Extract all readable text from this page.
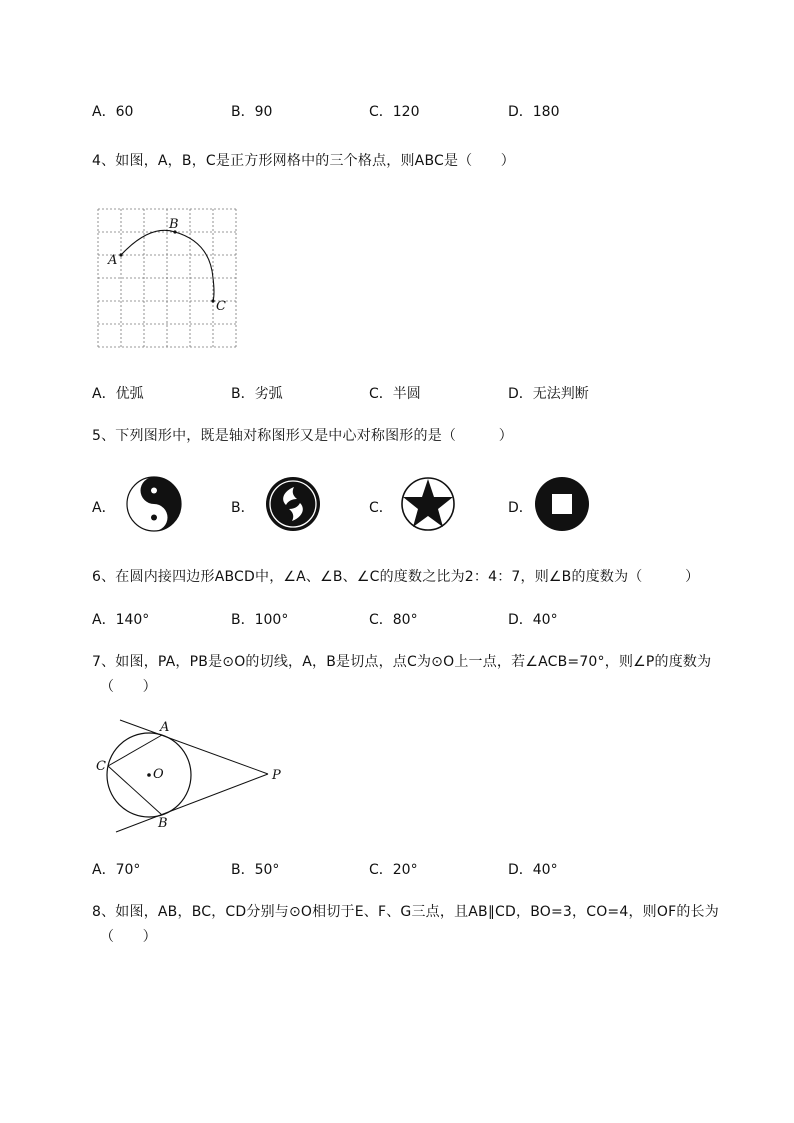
A．60	B．90	C．120	D．180
4、如图，A，B，C是正方形网格中的三个格点，则ABC是（　　）
A
B
C
A．优弧	B．劣弧	C．半圆	D．无法判断
5、下列图形中，既是轴对称图形又是中心对称图形的是（　　　）
A．	B．	C．	D．
6、在圆内接四边形ABCD中，∠A、∠B、∠C的度数之比为2：4：7，则∠B的度数为（　　　）
A．140°	B．100°	C．80°	D．40°
7、如图，PA，PB是⊙O的切线，A，B是切点，点C为⊙O上一点，若∠ACB=70°，则∠P的度数为
（　　）
A
B
C
O	P
A．70°	B．50°	C．20°	D．40°
8、如图，AB，BC，CD分别与⊙O相切于E、F、G三点，且AB∥CD，BO=3，CO=4，则OF的长为
（　　）
